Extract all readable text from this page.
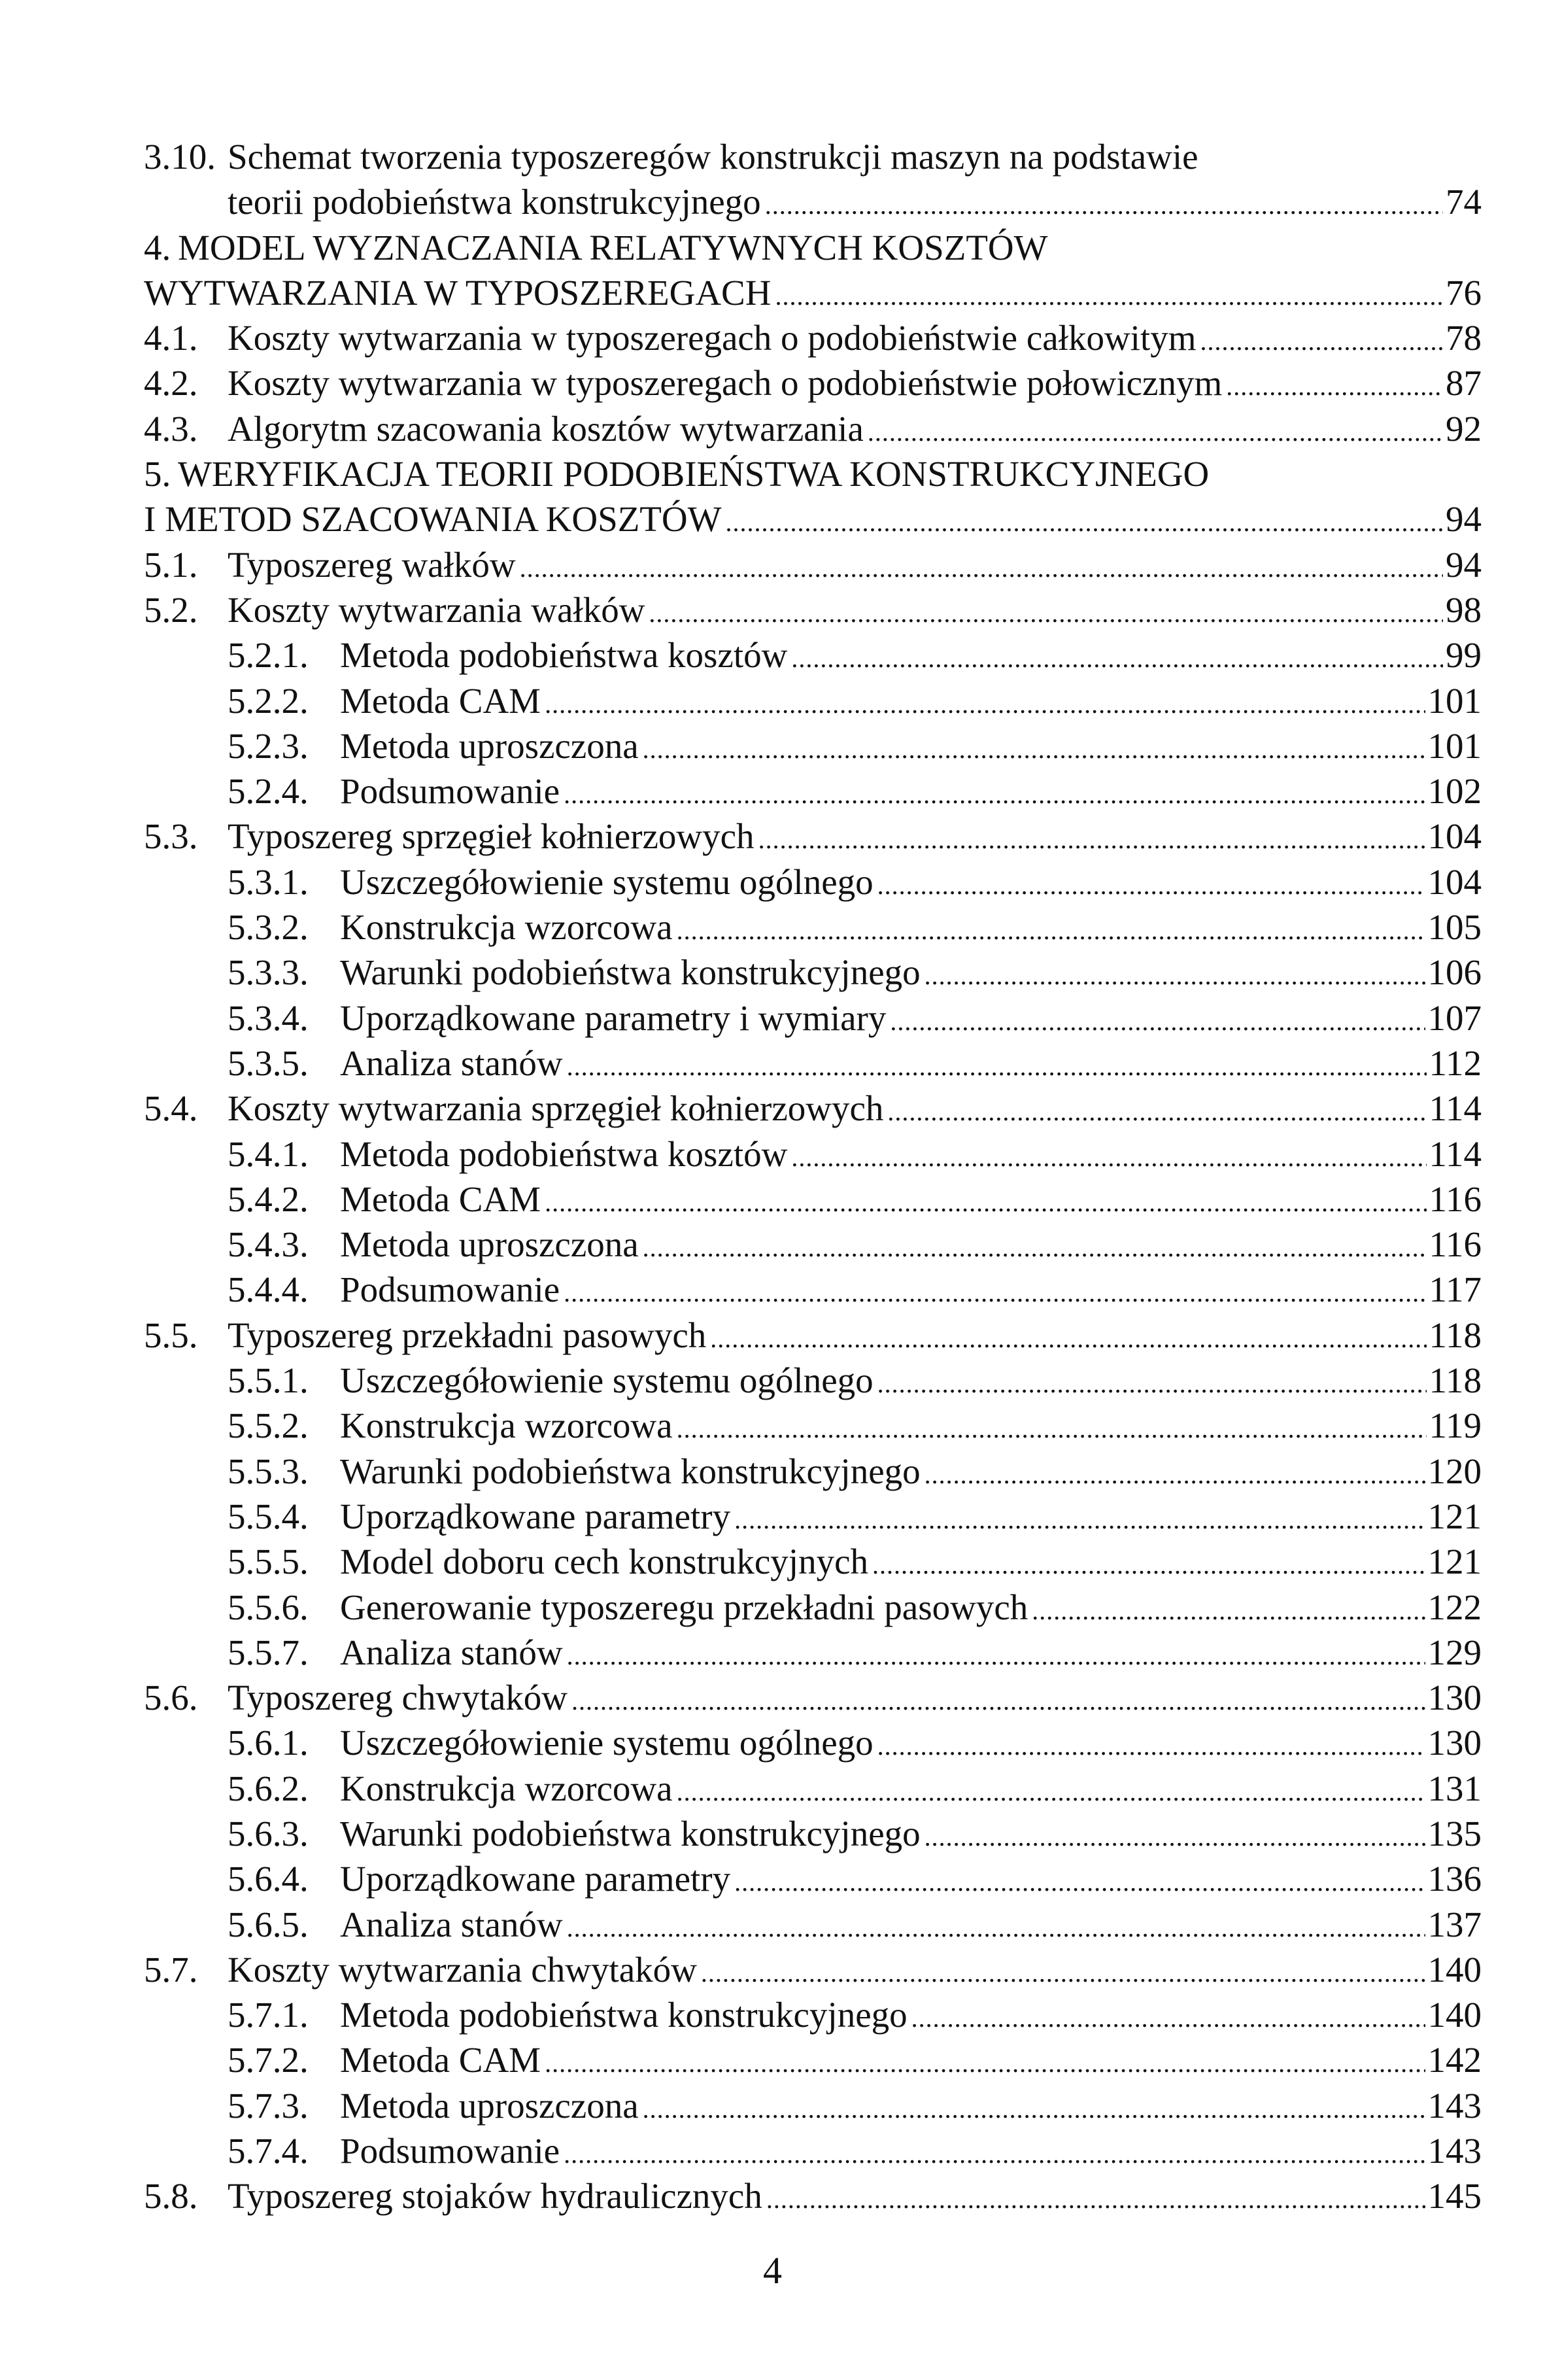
3.10. Schemat tworzenia typoszeregów konstrukcji maszyn na podstawie
teorii podobieństwa konstrukcyjnego .....	74
4. MODEL WYZNACZANIA RELATYWNYCH KOSZTÓW
WYTWARZANIA W TYPOSZEREGACH .....	76
4.1. Koszty wytwarzania w typoszeregach o podobieństwie całkowitym .....	78
4.2. Koszty wytwarzania w typoszeregach o podobieństwie połowicznym .....	87
4.3. Algorytm szacowania kosztów wytwarzania .....	92
5. WERYFIKACJA TEORII PODOBIEŃSTWA KONSTRUKCYJNEGO
I METOD SZACOWANIA KOSZTÓW .....	94
5.1. Typoszereg wałków .....	94
5.2. Koszty wytwarzania wałków .....	98
5.2.1. Metoda podobieństwa kosztów .....	99
5.2.2. Metoda CAM .....	101
5.2.3. Metoda uproszczona .....	101
5.2.4. Podsumowanie .....	102
5.3. Typoszereg sprzęgieł kołnierzowych .....	104
5.3.1. Uszczegółowienie systemu ogólnego .....	104
5.3.2. Konstrukcja wzorcowa .....	105
5.3.3. Warunki podobieństwa konstrukcyjnego .....	106
5.3.4. Uporządkowane parametry i wymiary .....	107
5.3.5. Analiza stanów .....	112
5.4. Koszty wytwarzania sprzęgieł kołnierzowych .....	114
5.4.1. Metoda podobieństwa kosztów .....	114
5.4.2. Metoda CAM .....	116
5.4.3. Metoda uproszczona .....	116
5.4.4. Podsumowanie .....	117
5.5. Typoszereg przekładni pasowych .....	118
5.5.1. Uszczegółowienie systemu ogólnego .....	118
5.5.2. Konstrukcja wzorcowa .....	119
5.5.3. Warunki podobieństwa konstrukcyjnego .....	120
5.5.4. Uporządkowane parametry .....	121
5.5.5. Model doboru cech konstrukcyjnych .....	121
5.5.6. Generowanie typoszeregu przekładni pasowych .....	122
5.5.7. Analiza stanów .....	129
5.6. Typoszereg chwytaków .....	130
5.6.1. Uszczegółowienie systemu ogólnego .....	130
5.6.2. Konstrukcja wzorcowa .....	131
5.6.3. Warunki podobieństwa konstrukcyjnego .....	135
5.6.4. Uporządkowane parametry .....	136
5.6.5. Analiza stanów .....	137
5.7. Koszty wytwarzania chwytaków .....	140
5.7.1. Metoda podobieństwa konstrukcyjnego .....	140
5.7.2. Metoda CAM .....	142
5.7.3. Metoda uproszczona .....	143
5.7.4. Podsumowanie .....	143
5.8. Typoszereg stojaków hydraulicznych .....	145
4
